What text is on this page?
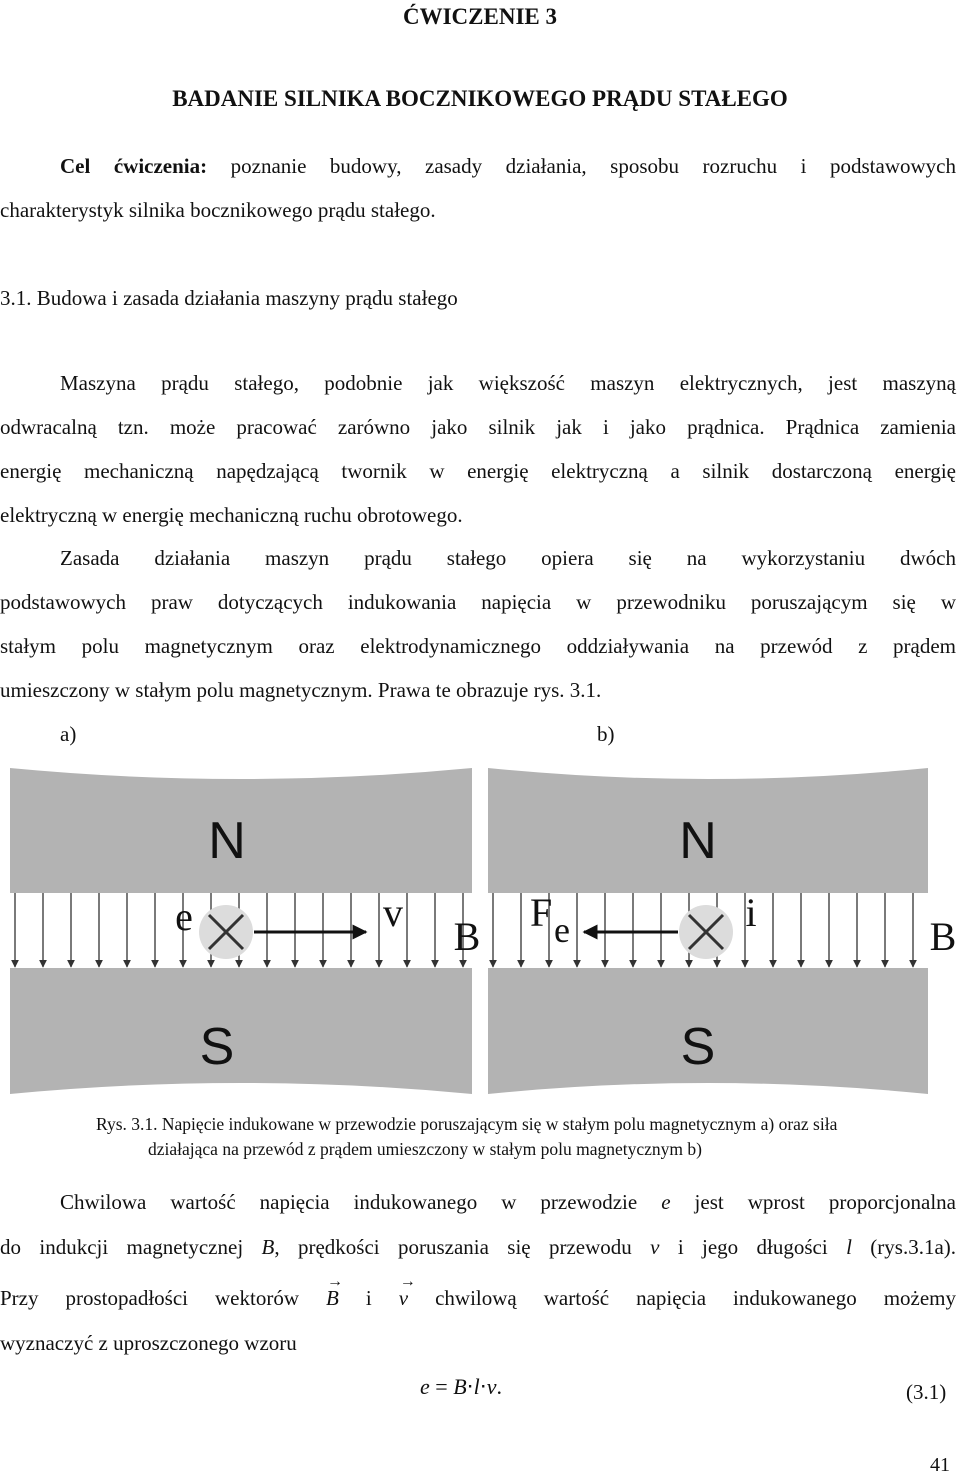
ĆWICZENIE 3
BADANIE SILNIKA BOCZNIKOWEGO PRĄDU STAŁEGO
Cel ćwiczenia: poznanie budowy, zasady działania, sposobu rozruchu i podstawowych
charakterystyk silnika bocznikowego prądu stałego.
3.1. Budowa i zasada działania maszyny prądu stałego
Maszyna prądu stałego, podobnie jak większość maszyn elektrycznych, jest maszyną
odwracalną tzn. może pracować zarówno jako silnik jak i jako prądnica. Prądnica zamienia
energię mechaniczną napędzającą twornik w energię elektryczną a silnik dostarczoną energię
elektryczną w energię mechaniczną ruchu obrotowego.
Zasada działania maszyn prądu stałego opiera się na wykorzystaniu dwóch
podstawowych praw dotyczących indukowania napięcia w przewodniku poruszającym się w
stałym polu magnetycznym oraz elektrodynamicznego oddziaływania na przewód z prądem
umieszczony w stałym polu magnetycznym. Prawa te obrazuje rys. 3.1.
a)	b)
N
S
e	v
B
N
S
F e	i
B
Rys. 3.1. Napięcie indukowane w przewodzie poruszającym się w stałym polu magnetycznym a) oraz siła
działająca na przewód z prądem umieszczony w stałym polu magnetycznym b)
Chwilowa wartość napięcia indukowanego w przewodzie e jest wprost proporcjonalna
do indukcji magnetycznej B, prędkości poruszania się przewodu v i jego długości l (rys.3.1a).
Przy prostopadłości wektorów
→
B i
→
v chwilową wartość napięcia indukowanego możemy
wyznaczyć z uproszczonego wzoru
e = B⋅l⋅v.	(3.1)
41
